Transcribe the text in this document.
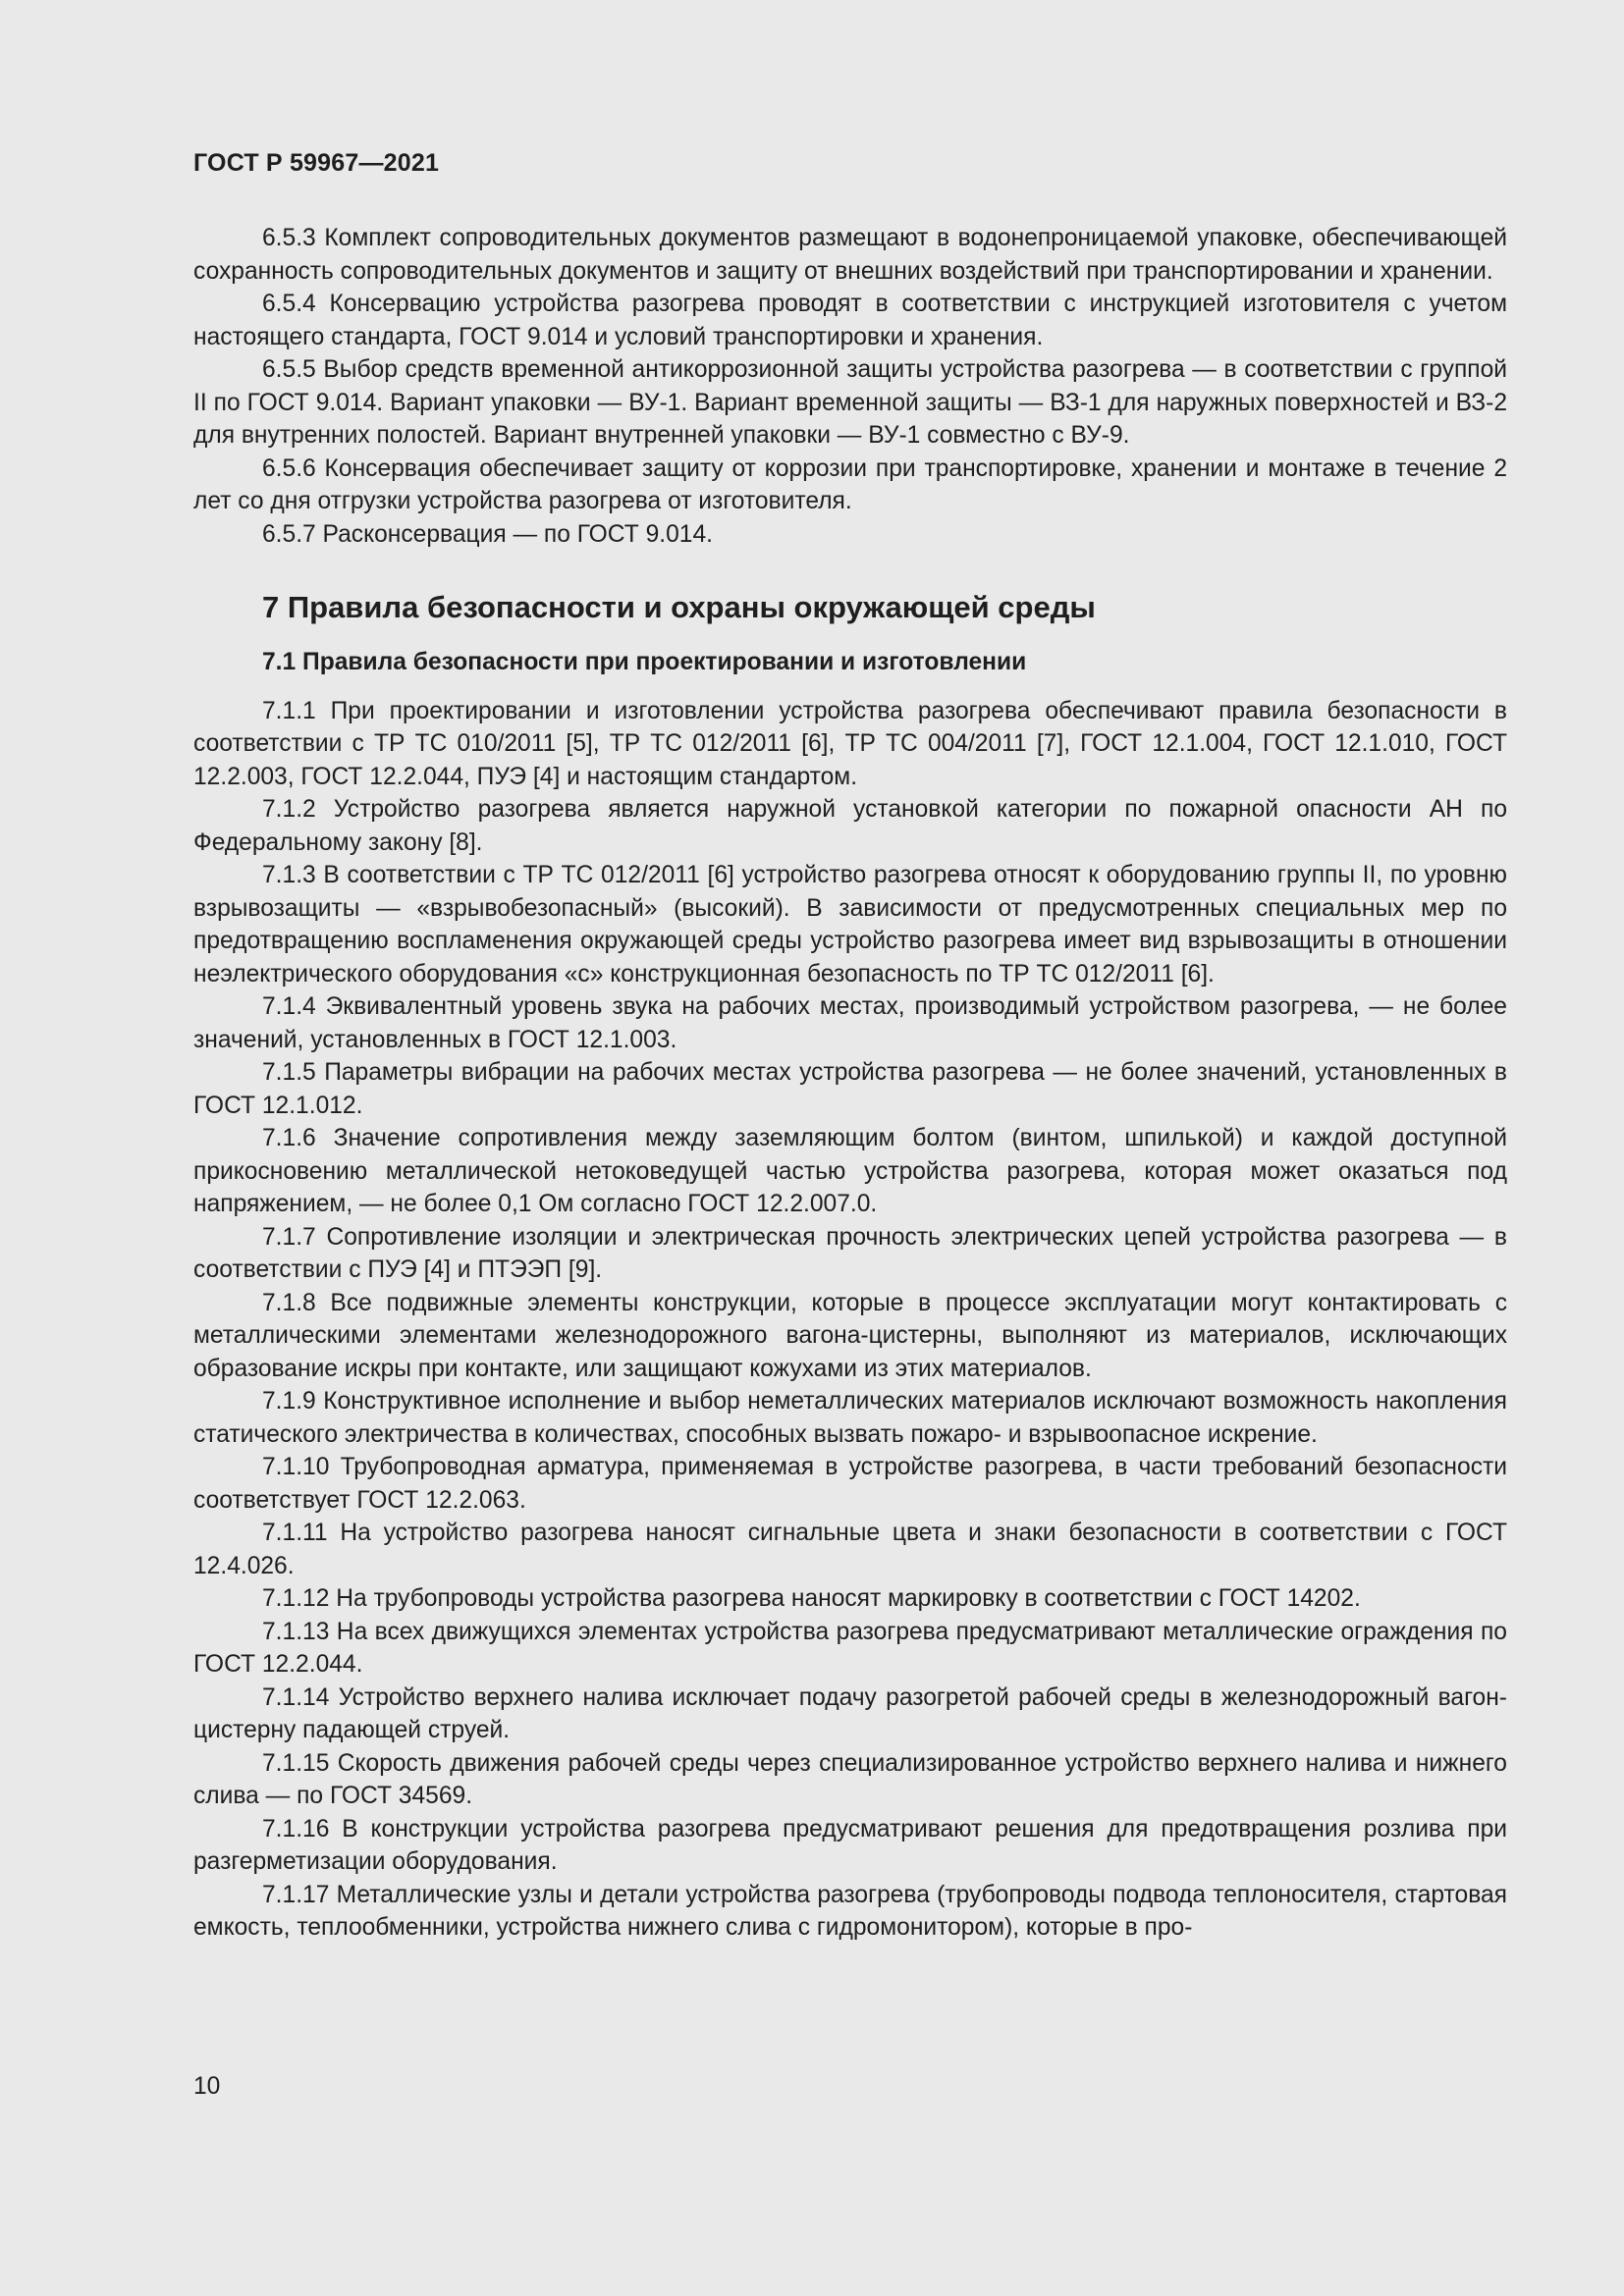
ГОСТ Р 59967—2021

6.5.3 Комплект сопроводительных документов размещают в водонепроницаемой упаковке, обеспечивающей сохранность сопроводительных документов и защиту от внешних воздействий при транспортировании и хранении.

6.5.4 Консервацию устройства разогрева проводят в соответствии с инструкцией изготовителя с учетом настоящего стандарта, ГОСТ 9.014 и условий транспортировки и хранения.

6.5.5 Выбор средств временной антикоррозионной защиты устройства разогрева — в соответствии с группой II по ГОСТ 9.014. Вариант упаковки — ВУ-1. Вариант временной защиты — ВЗ-1 для наружных поверхностей и ВЗ-2 для внутренних полостей. Вариант внутренней упаковки — ВУ-1 совместно с ВУ-9.

6.5.6 Консервация обеспечивает защиту от коррозии при транспортировке, хранении и монтаже в течение 2 лет со дня отгрузки устройства разогрева от изготовителя.

6.5.7 Расконсервация — по ГОСТ 9.014.

7 Правила безопасности и охраны окружающей среды
7.1 Правила безопасности при проектировании и изготовлении

7.1.1 При проектировании и изготовлении устройства разогрева обеспечивают правила безопасности в соответствии с ТР ТС 010/2011 [5], ТР ТС 012/2011 [6], ТР ТС 004/2011 [7], ГОСТ 12.1.004, ГОСТ 12.1.010, ГОСТ 12.2.003, ГОСТ 12.2.044, ПУЭ [4] и настоящим стандартом.

7.1.2 Устройство разогрева является наружной установкой категории по пожарной опасности АН по Федеральному закону [8].

7.1.3 В соответствии с ТР ТС 012/2011 [6] устройство разогрева относят к оборудованию группы II, по уровню взрывозащиты — «взрывобезопасный» (высокий). В зависимости от предусмотренных специальных мер по предотвращению воспламенения окружающей среды устройство разогрева имеет вид взрывозащиты в отношении неэлектрического оборудования «с» конструкционная безопасность по ТР ТС 012/2011 [6].

7.1.4 Эквивалентный уровень звука на рабочих местах, производимый устройством разогрева, — не более значений, установленных в ГОСТ 12.1.003.

7.1.5 Параметры вибрации на рабочих местах устройства разогрева — не более значений, установленных в ГОСТ 12.1.012.

7.1.6 Значение сопротивления между заземляющим болтом (винтом, шпилькой) и каждой доступной прикосновению металлической нетоковедущей частью устройства разогрева, которая может оказаться под напряжением, — не более 0,1 Ом согласно ГОСТ 12.2.007.0.

7.1.7 Сопротивление изоляции и электрическая прочность электрических цепей устройства разогрева — в соответствии с ПУЭ [4] и ПТЭЭП [9].

7.1.8 Все подвижные элементы конструкции, которые в процессе эксплуатации могут контактировать с металлическими элементами железнодорожного вагона-цистерны, выполняют из материалов, исключающих образование искры при контакте, или защищают кожухами из этих материалов.

7.1.9 Конструктивное исполнение и выбор неметаллических материалов исключают возможность накопления статического электричества в количествах, способных вызвать пожаро- и взрывоопасное искрение.

7.1.10 Трубопроводная арматура, применяемая в устройстве разогрева, в части требований безопасности соответствует ГОСТ 12.2.063.

7.1.11 На устройство разогрева наносят сигнальные цвета и знаки безопасности в соответствии с ГОСТ 12.4.026.

7.1.12 На трубопроводы устройства разогрева наносят маркировку в соответствии с ГОСТ 14202.

7.1.13 На всех движущихся элементах устройства разогрева предусматривают металлические ограждения по ГОСТ 12.2.044.

7.1.14 Устройство верхнего налива исключает подачу разогретой рабочей среды в железнодорожный вагон-цистерну падающей струей.

7.1.15 Скорость движения рабочей среды через специализированное устройство верхнего налива и нижнего слива — по ГОСТ 34569.

7.1.16 В конструкции устройства разогрева предусматривают решения для предотвращения розлива при разгерметизации оборудования.

7.1.17 Металлические узлы и детали устройства разогрева (трубопроводы подвода теплоносителя, стартовая емкость, теплообменники, устройства нижнего слива с гидромонитором), которые в про-

10
